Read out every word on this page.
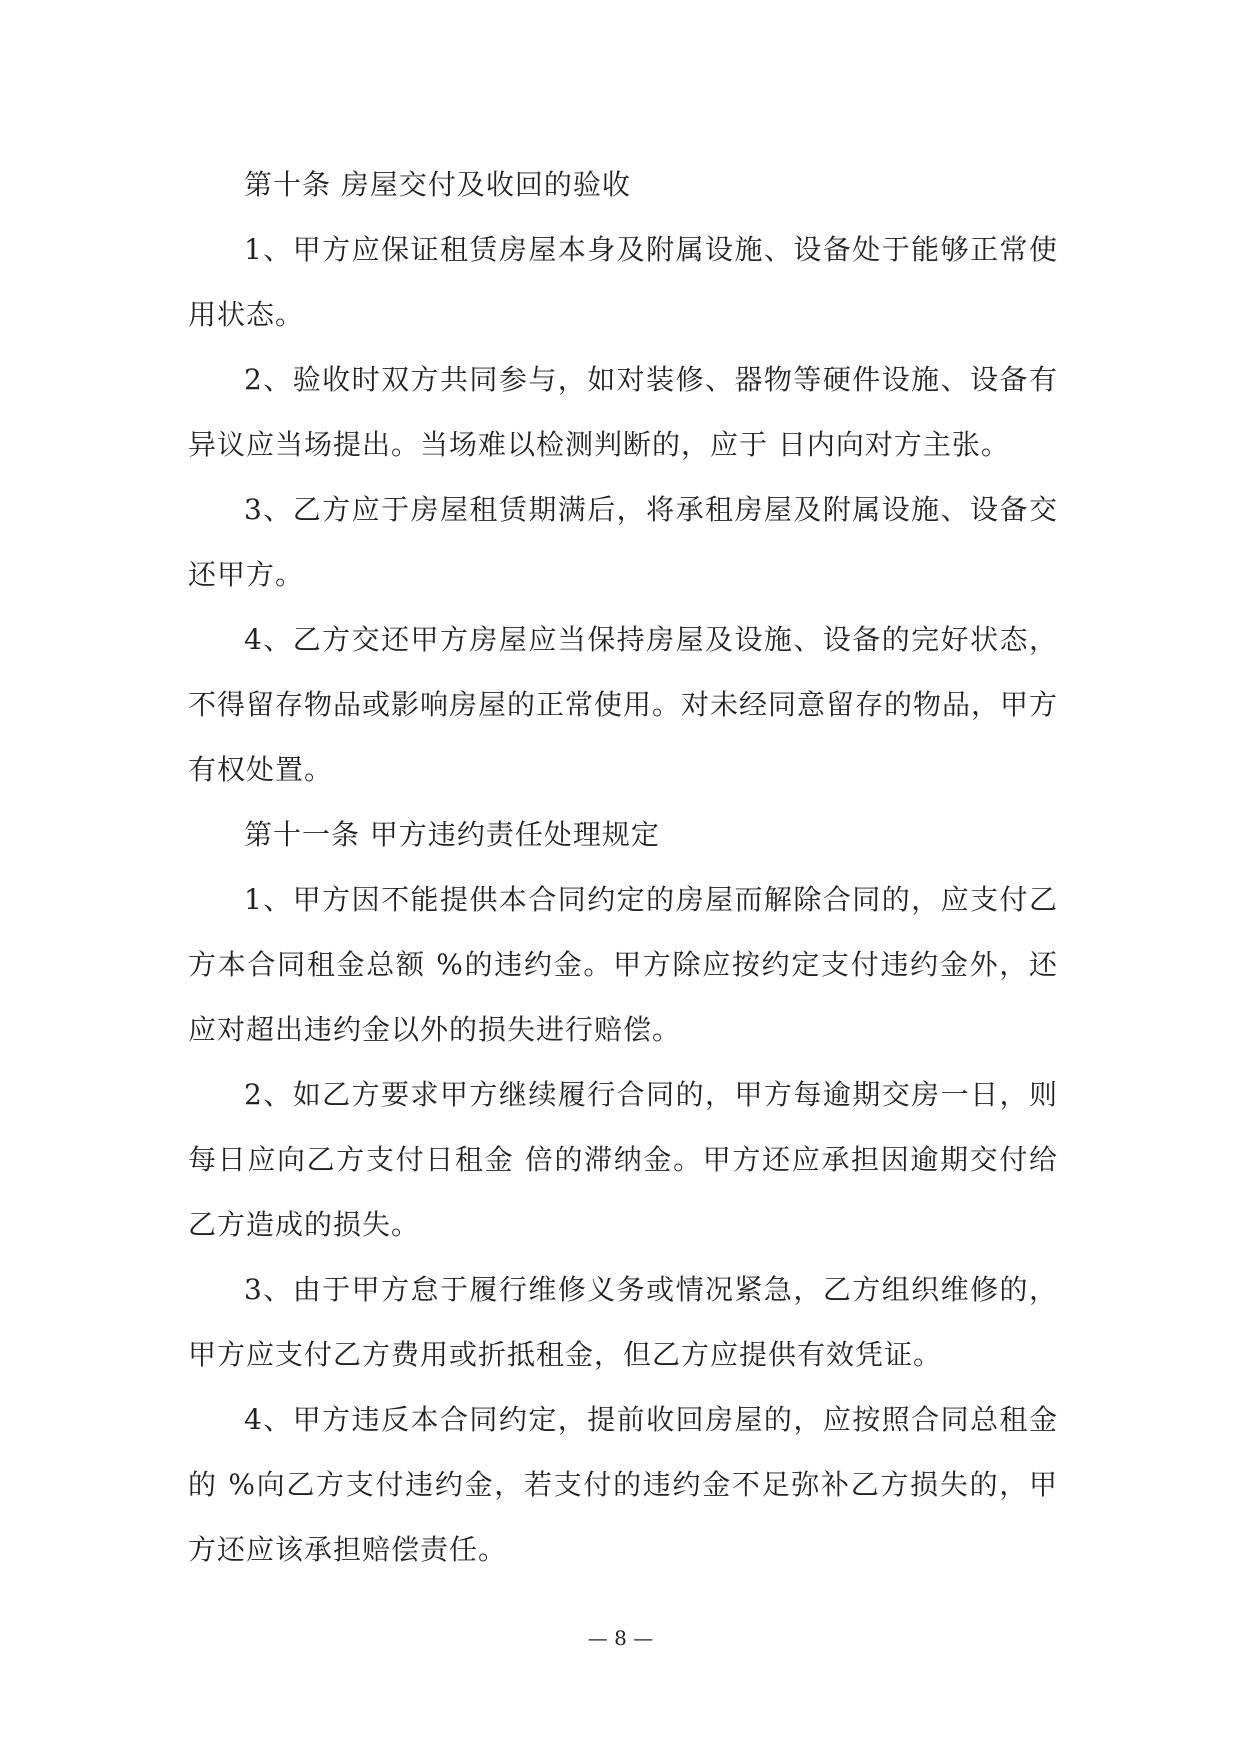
第十条 房屋交付及收回的验收

1、甲方应保证租赁房屋本身及附属设施、设备处于能够正常使用状态。

2、验收时双方共同参与，如对装修、器物等硬件设施、设备有异议应当场提出。当场难以检测判断的，应于 日内向对方主张。

3、乙方应于房屋租赁期满后，将承租房屋及附属设施、设备交还甲方。

4、乙方交还甲方房屋应当保持房屋及设施、设备的完好状态，不得留存物品或影响房屋的正常使用。对未经同意留存的物品，甲方有权处置。

第十一条 甲方违约责任处理规定

1、甲方因不能提供本合同约定的房屋而解除合同的，应支付乙方本合同租金总额 %的违约金。甲方除应按约定支付违约金外，还应对超出违约金以外的损失进行赔偿。

2、如乙方要求甲方继续履行合同的，甲方每逾期交房一日，则每日应向乙方支付日租金 倍的滞纳金。甲方还应承担因逾期交付给乙方造成的损失。

3、由于甲方怠于履行维修义务或情况紧急，乙方组织维修的，甲方应支付乙方费用或折抵租金，但乙方应提供有效凭证。

4、甲方违反本合同约定，提前收回房屋的，应按照合同总租金的 %向乙方支付违约金，若支付的违约金不足弥补乙方损失的，甲方还应该承担赔偿责任。

— 8 —
